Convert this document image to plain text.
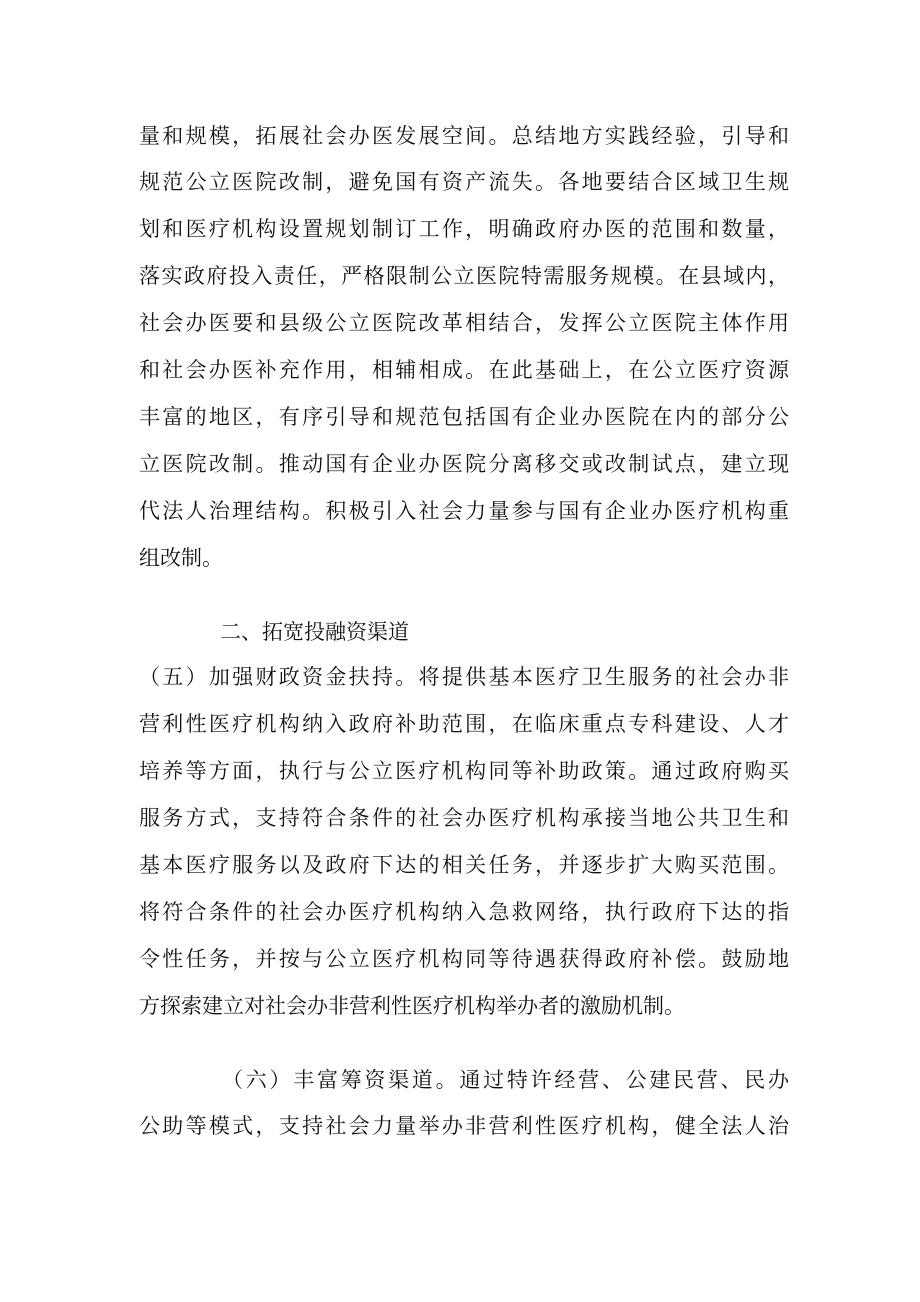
量和规模，拓展社会办医发展空间。总结地方实践经验，引导和
规范公立医院改制，避免国有资产流失。各地要结合区域卫生规
划和医疗机构设置规划制订工作，明确政府办医的范围和数量，
落实政府投入责任，严格限制公立医院特需服务规模。在县域内，
社会办医要和县级公立医院改革相结合，发挥公立医院主体作用
和社会办医补充作用，相辅相成。在此基础上，在公立医疗资源
丰富的地区，有序引导和规范包括国有企业办医院在内的部分公
立医院改制。推动国有企业办医院分离移交或改制试点，建立现
代法人治理结构。积极引入社会力量参与国有企业办医疗机构重
组改制。
二、拓宽投融资渠道
（五）加强财政资金扶持。将提供基本医疗卫生服务的社会办非
营利性医疗机构纳入政府补助范围，在临床重点专科建设、人才
培养等方面，执行与公立医疗机构同等补助政策。通过政府购买
服务方式，支持符合条件的社会办医疗机构承接当地公共卫生和
基本医疗服务以及政府下达的相关任务，并逐步扩大购买范围。
将符合条件的社会办医疗机构纳入急救网络，执行政府下达的指
令性任务，并按与公立医疗机构同等待遇获得政府补偿。鼓励地
方探索建立对社会办非营利性医疗机构举办者的激励机制。
（六）丰富筹资渠道。通过特许经营、公建民营、民办
公助等模式，支持社会力量举办非营利性医疗机构，健全法人治
